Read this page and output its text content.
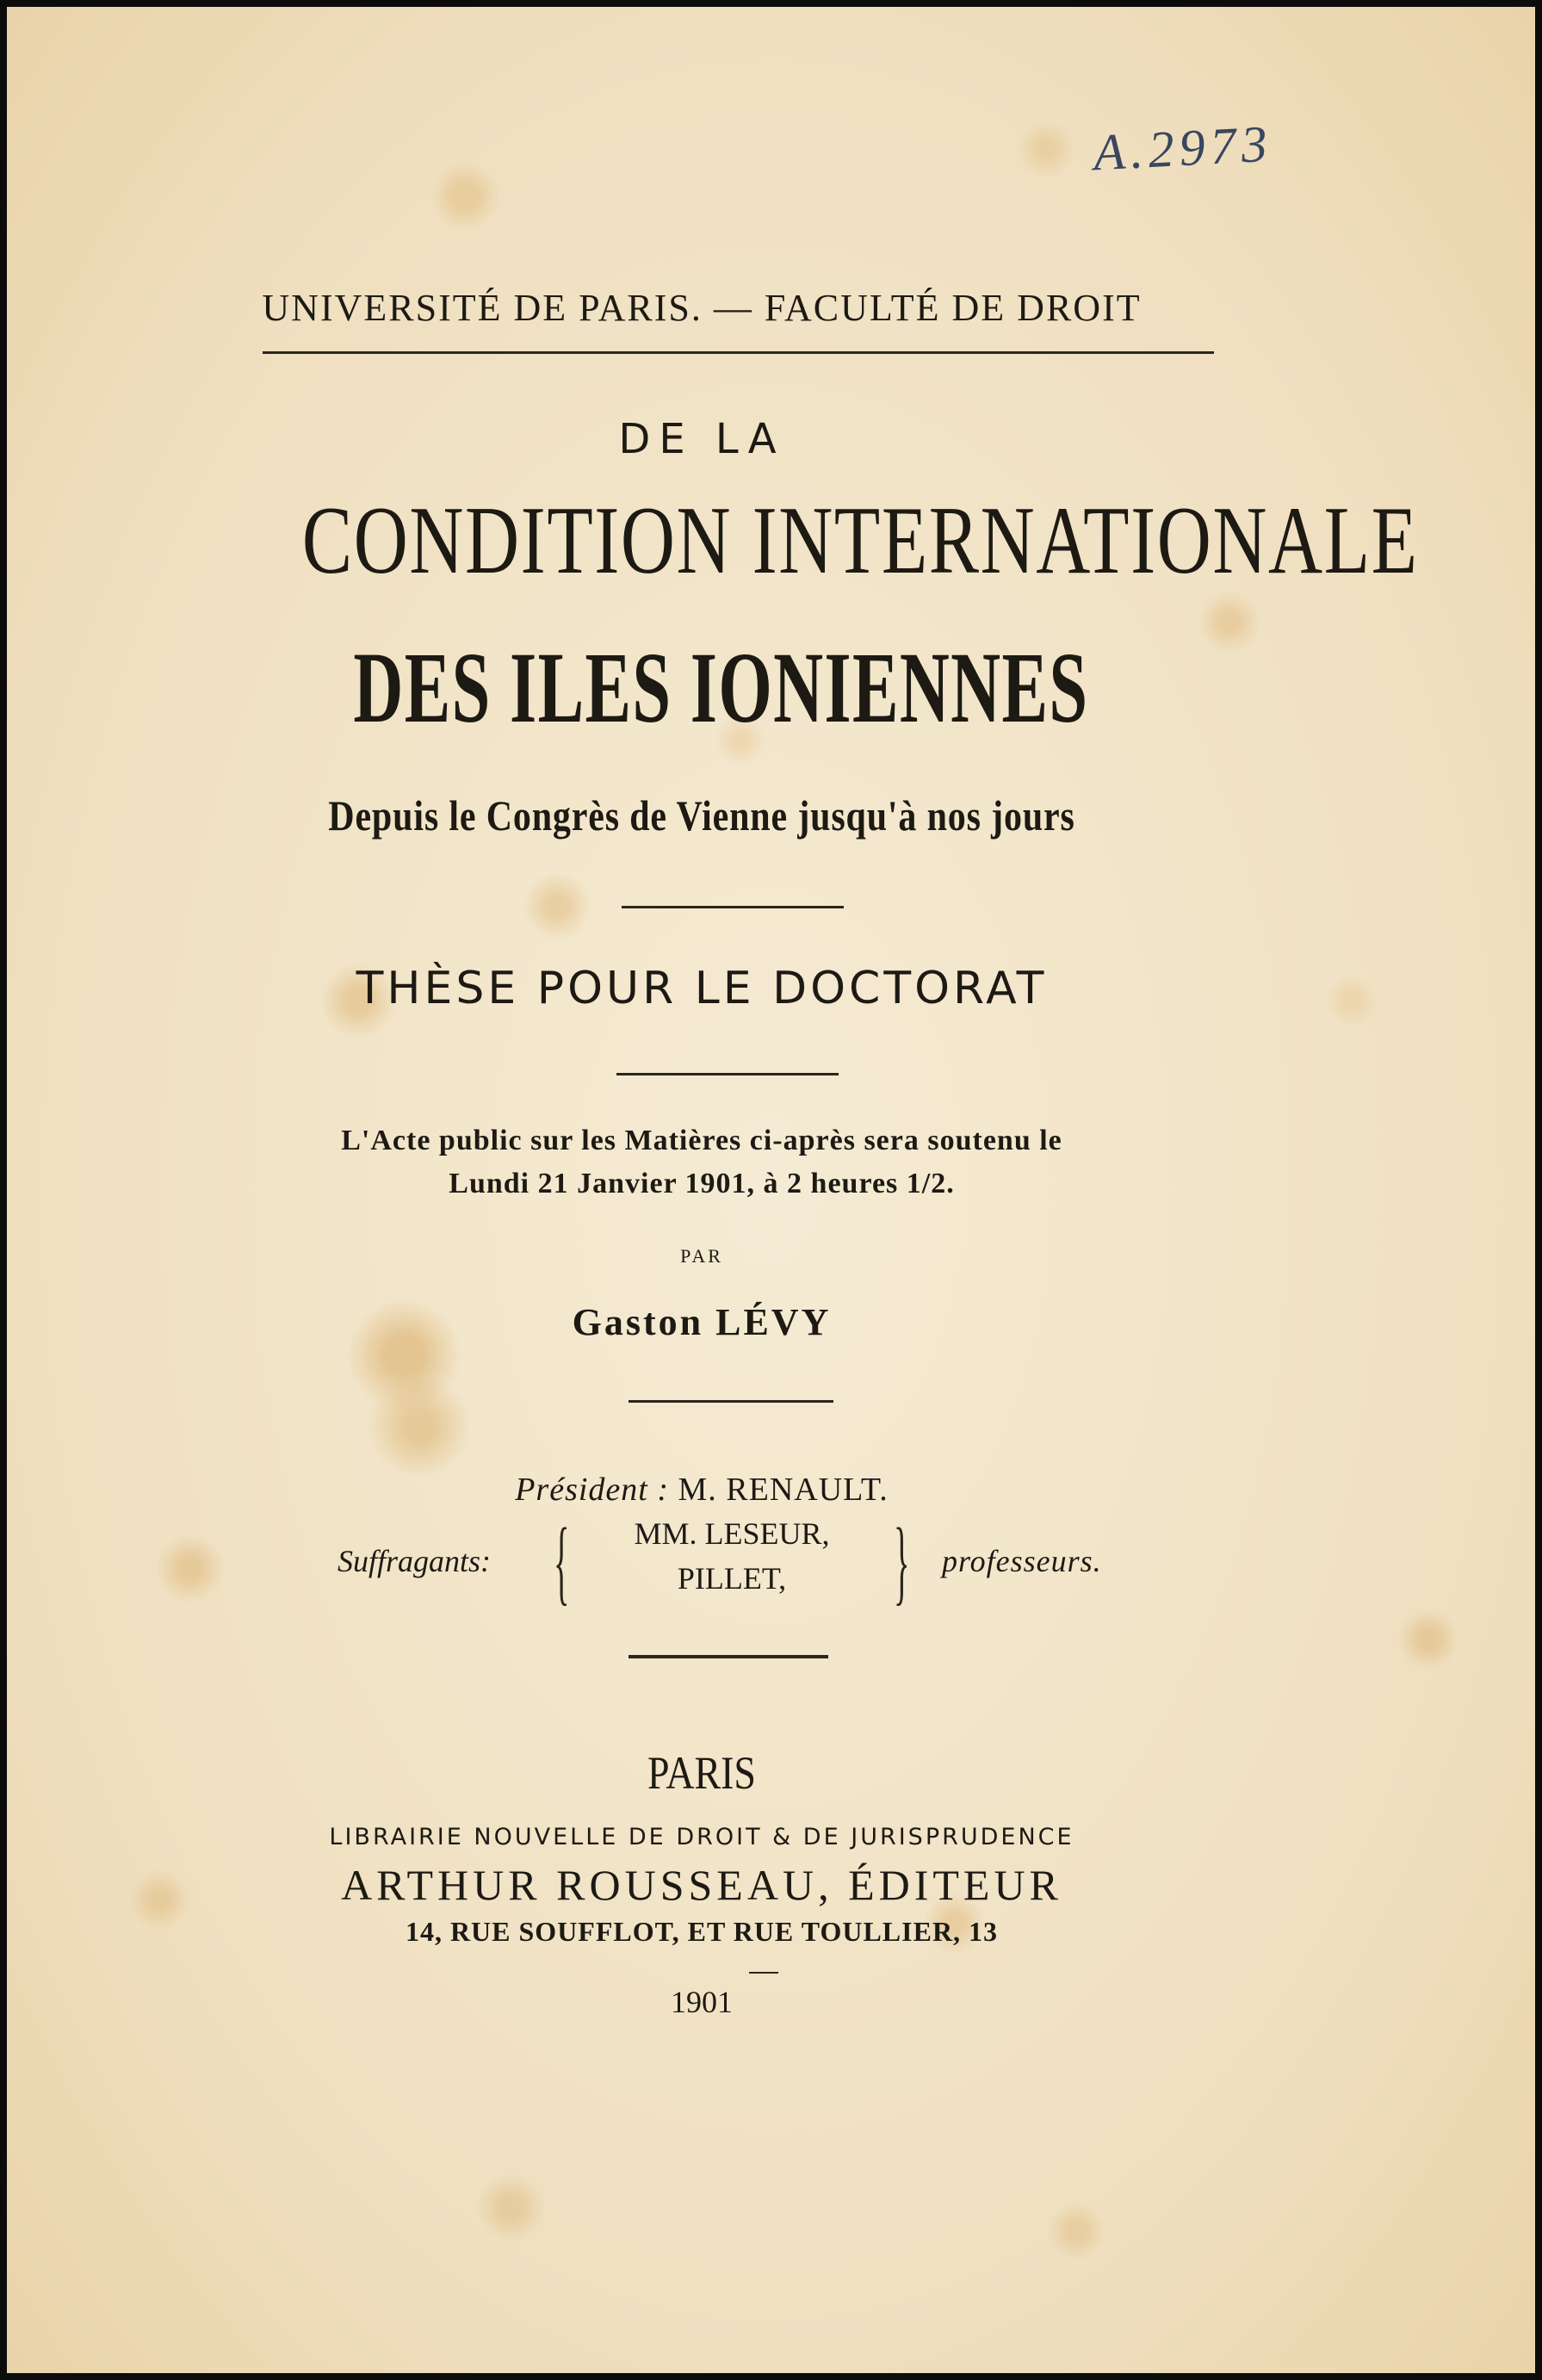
A.2973
UNIVERSITÉ DE PARIS. — FACULTÉ DE DROIT
DE LA
CONDITION INTERNATIONALE
DES ILES IONIENNES
Depuis le Congrès de Vienne jusqu'à nos jours
THÈSE POUR LE DOCTORAT
L'Acte public sur les Matières ci-après sera soutenu le
Lundi 21 Janvier 1901, à 2 heures 1/2.
PAR
Gaston LÉVY
Président : M. RENAULT.
Suffragants: {	MM. LESEUR,
PILLET,	} professeurs.
PARIS
LIBRAIRIE NOUVELLE DE DROIT & DE JURISPRUDENCE
ARTHUR ROUSSEAU, ÉDITEUR
14, RUE SOUFFLOT, ET RUE TOULLIER, 13
1901
